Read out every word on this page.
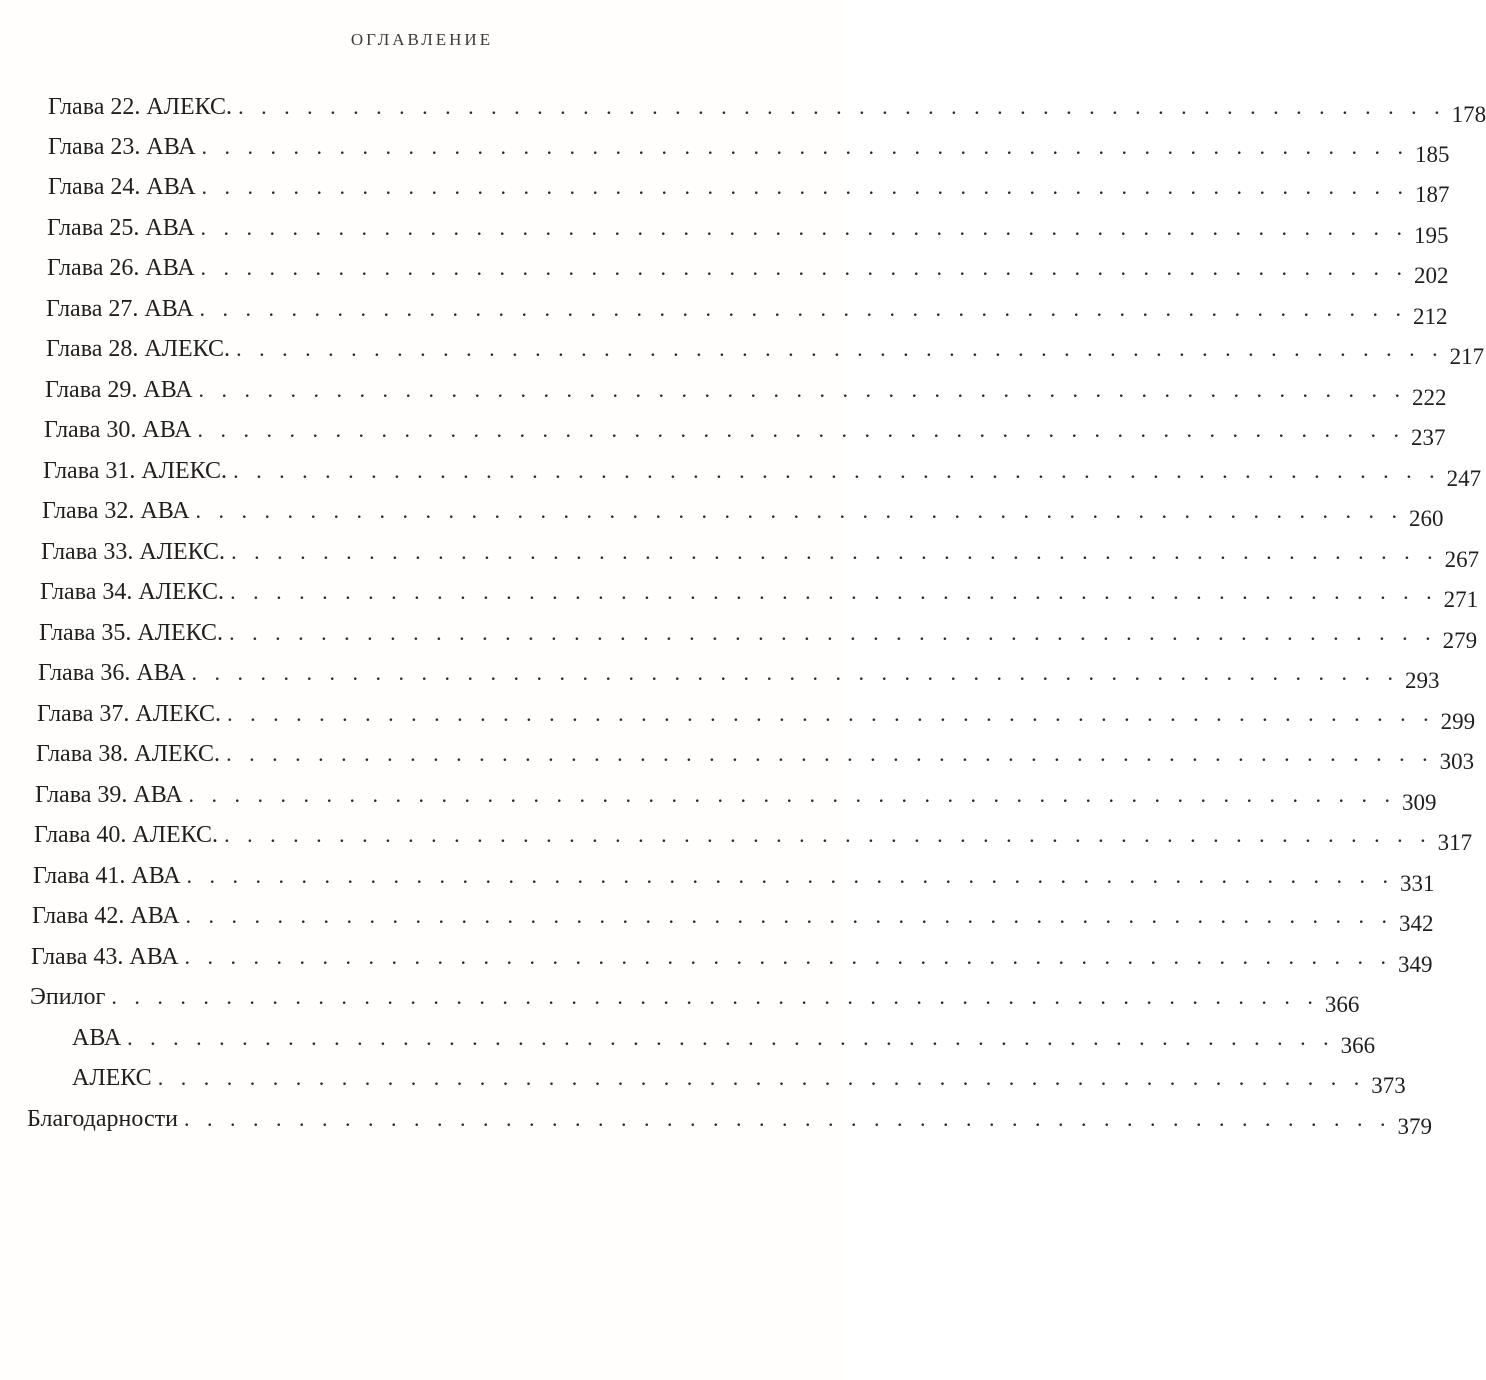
ОГЛАВЛЕНИЕ
Глава 22. АЛЕКС. . . . . . . . . . . . . . . . . . . . . . . . . . . . . . . . . . . . . . . . . . . . . . . . . . . . . . 178
Глава 23. АВА . . . . . . . . . . . . . . . . . . . . . . . . . . . . . . . . . . . . . . . . . . . . . . . . . . . . . 185
Глава 24. АВА . . . . . . . . . . . . . . . . . . . . . . . . . . . . . . . . . . . . . . . . . . . . . . . . . . . . . 187
Глава 25. АВА . . . . . . . . . . . . . . . . . . . . . . . . . . . . . . . . . . . . . . . . . . . . . . . . . . . . . 195
Глава 26. АВА . . . . . . . . . . . . . . . . . . . . . . . . . . . . . . . . . . . . . . . . . . . . . . . . . . . . . 202
Глава 27. АВА . . . . . . . . . . . . . . . . . . . . . . . . . . . . . . . . . . . . . . . . . . . . . . . . . . . . . 212
Глава 28. АЛЕКС. . . . . . . . . . . . . . . . . . . . . . . . . . . . . . . . . . . . . . . . . . . . . . . . . . . . . . 217
Глава 29. АВА . . . . . . . . . . . . . . . . . . . . . . . . . . . . . . . . . . . . . . . . . . . . . . . . . . . . . 222
Глава 30. АВА . . . . . . . . . . . . . . . . . . . . . . . . . . . . . . . . . . . . . . . . . . . . . . . . . . . . . 237
Глава 31. АЛЕКС. . . . . . . . . . . . . . . . . . . . . . . . . . . . . . . . . . . . . . . . . . . . . . . . . . . . . . 247
Глава 32. АВА . . . . . . . . . . . . . . . . . . . . . . . . . . . . . . . . . . . . . . . . . . . . . . . . . . . . . 260
Глава 33. АЛЕКС. . . . . . . . . . . . . . . . . . . . . . . . . . . . . . . . . . . . . . . . . . . . . . . . . . . . . . 267
Глава 34. АЛЕКС. . . . . . . . . . . . . . . . . . . . . . . . . . . . . . . . . . . . . . . . . . . . . . . . . . . . . . 271
Глава 35. АЛЕКС. . . . . . . . . . . . . . . . . . . . . . . . . . . . . . . . . . . . . . . . . . . . . . . . . . . . . . 279
Глава 36. АВА . . . . . . . . . . . . . . . . . . . . . . . . . . . . . . . . . . . . . . . . . . . . . . . . . . . . . 293
Глава 37. АЛЕКС. . . . . . . . . . . . . . . . . . . . . . . . . . . . . . . . . . . . . . . . . . . . . . . . . . . . . . 299
Глава 38. АЛЕКС. . . . . . . . . . . . . . . . . . . . . . . . . . . . . . . . . . . . . . . . . . . . . . . . . . . . . . 303
Глава 39. АВА . . . . . . . . . . . . . . . . . . . . . . . . . . . . . . . . . . . . . . . . . . . . . . . . . . . . . 309
Глава 40. АЛЕКС. . . . . . . . . . . . . . . . . . . . . . . . . . . . . . . . . . . . . . . . . . . . . . . . . . . . . . 317
Глава 41. АВА . . . . . . . . . . . . . . . . . . . . . . . . . . . . . . . . . . . . . . . . . . . . . . . . . . . . . 331
Глава 42. АВА . . . . . . . . . . . . . . . . . . . . . . . . . . . . . . . . . . . . . . . . . . . . . . . . . . . . . 342
Глава 43. АВА . . . . . . . . . . . . . . . . . . . . . . . . . . . . . . . . . . . . . . . . . . . . . . . . . . . . . 349
Эпилог . . . . . . . . . . . . . . . . . . . . . . . . . . . . . . . . . . . . . . . . . . . . . . . . . . . . . 366
АВА . . . . . . . . . . . . . . . . . . . . . . . . . . . . . . . . . . . . . . . . . . . . . . . . . . . . . 366
АЛЕКС . . . . . . . . . . . . . . . . . . . . . . . . . . . . . . . . . . . . . . . . . . . . . . . . . . . . . 373
Благодарности . . . . . . . . . . . . . . . . . . . . . . . . . . . . . . . . . . . . . . . . . . . . . . . . . . . . . 379
